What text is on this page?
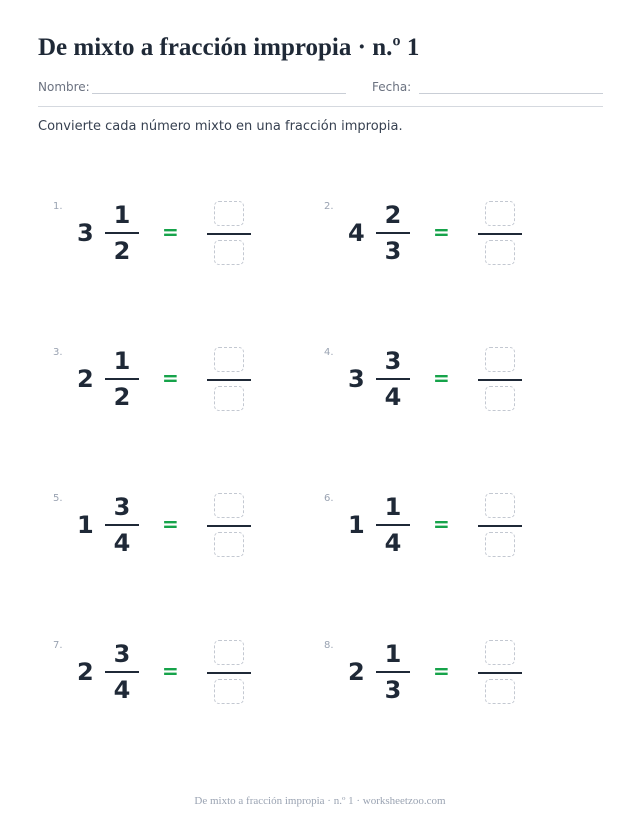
De mixto a fracción impropia · n.º 1
Nombre:	Fecha:
Convierte cada número mixto en una fracción impropia.
1.
3
1
2
=
2.
4
2
3
=
3.
2
1
2
=
4.
3
3
4
=
5.
1
3
4
=
6.
1
1
4
=
7.
2
3
4
=
8.
2
1
3
=
De mixto a fracción impropia · n.º 1 · worksheetzoo.com
